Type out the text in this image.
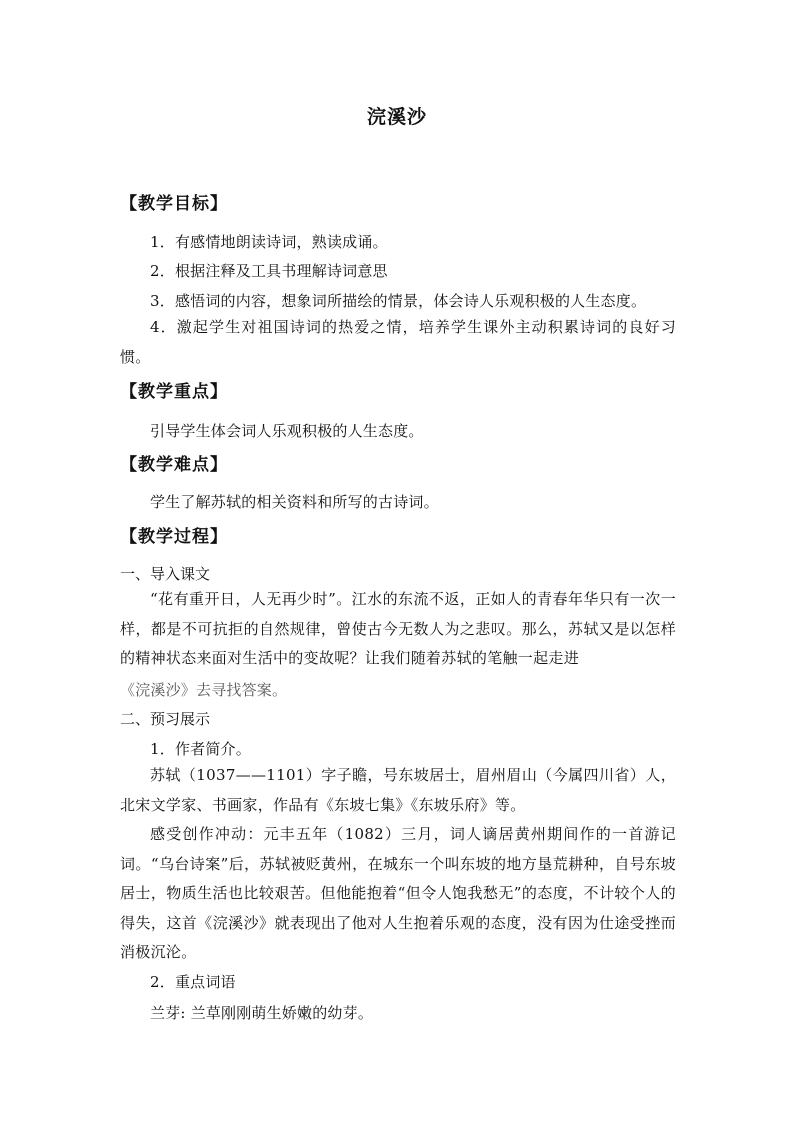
浣溪沙
【教学目标】
1．有感情地朗读诗词，熟读成诵。
2．根据注释及工具书理解诗词意思
3．感悟词的内容，想象词所描绘的情景，体会诗人乐观积极的人生态度。
4．激起学生对祖国诗词的热爱之情，培养学生课外主动积累诗词的良好习惯。
【教学重点】
引导学生体会词人乐观积极的人生态度。
【教学难点】
学生了解苏轼的相关资料和所写的古诗词。
【教学过程】
一、导入课文
“花有重开日，人无再少时”。江水的东流不返，正如人的青春年华只有一次一样，都是不可抗拒的自然规律，曾使古今无数人为之悲叹。那么，苏轼又是以怎样的精神状态来面对生活中的变故呢？让我们随着苏轼的笔触一起走进
《浣溪沙》去寻找答案。
二、预习展示
1．作者简介。
苏轼（1037——1101）字子瞻，号东坡居士，眉州眉山（今属四川省）人，北宋文学家、书画家，作品有《东坡七集》《东坡乐府》等。
感受创作冲动：元丰五年（1082）三月，词人谪居黄州期间作的一首游记词。“乌台诗案”后，苏轼被贬黄州，在城东一个叫东坡的地方垦荒耕种，自号东坡居士，物质生活也比较艰苦。但他能抱着“但令人饱我愁无”的态度，不计较个人的得失，这首《浣溪沙》就表现出了他对人生抱着乐观的态度，没有因为仕途受挫而消极沉沦。
2．重点词语
兰芽: 兰草刚刚萌生娇嫩的幼芽。
